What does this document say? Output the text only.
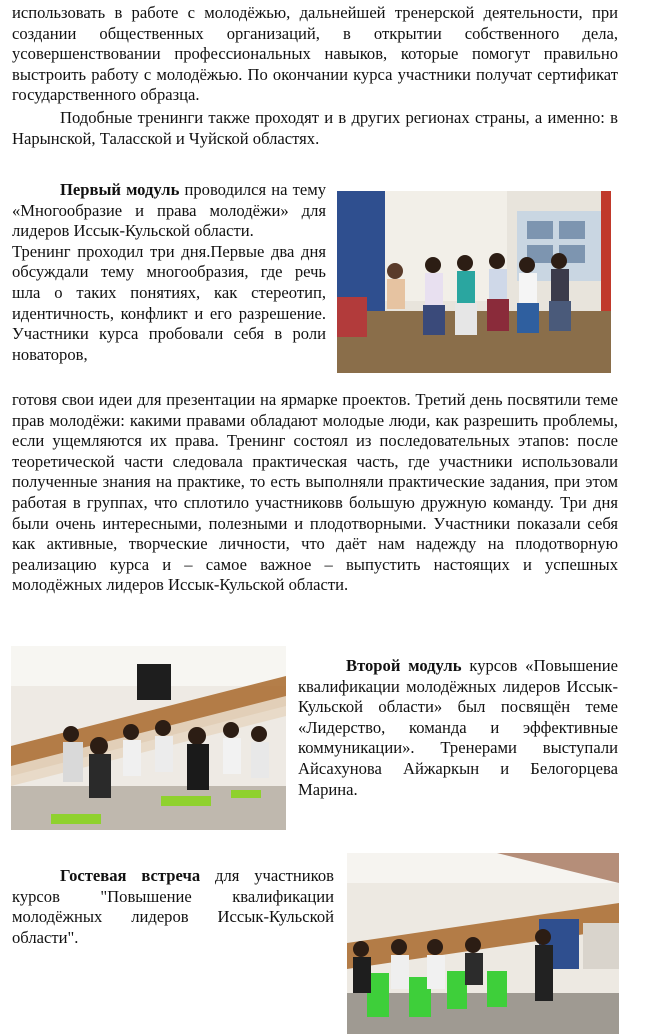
использовать в работе с молодёжью, дальнейшей тренерской деятельности, при создании общественных организаций, в открытии собственного дела, усовершенствовании профессиональных навыков, которые помогут правильно выстроить работу с молодёжью. По окончании курса участники получат сертификат государственного образца.
Подобные тренинги также проходят и в других регионах страны, а именно: в Нарынской, Таласской и Чуйской областях.
Первый модуль проводился на тему «Многообразие и права молодёжи» для лидеров Иссык-Кульской области.
Тренинг проходил три дня.Первые два дня обсуждали тему многообразия, где речь шла о таких понятиях, как стереотип, идентичность, конфликт и его разрешение. Участники курса пробовали себя в роли новаторов,
готовя свои идеи для презентации на ярмарке проектов. Третий день посвятили теме прав молодёжи: какими правами обладают молодые люди, как разрешить проблемы, если ущемляются их права. Тренинг состоял из последовательных этапов: после теоретической части следовала практическая часть, где участники использовали полученные знания на практике, то есть выполняли практические задания, при этом работая в группах, что сплотило участниковв большую дружную команду. Три дня были очень интересными, полезными и плодотворными. Участники показали себя как активные, творческие личности, что даёт нам надежду на плодотворную реализацию курса и – самое важное – выпустить настоящих и успешных молодёжных лидеров Иссык-Кульской области.
Второй модуль курсов «Повышение квалификации молодёжных лидеров Иссык-Кульской области» был посвящён теме «Лидерство, команда и эффективные коммуникации». Тренерами выступали Айсахунова Айжаркын и Белогорцева Марина.
Гостевая встреча для участников курсов "Повышение квалификации молодёжных лидеров Иссык-Кульской области".
